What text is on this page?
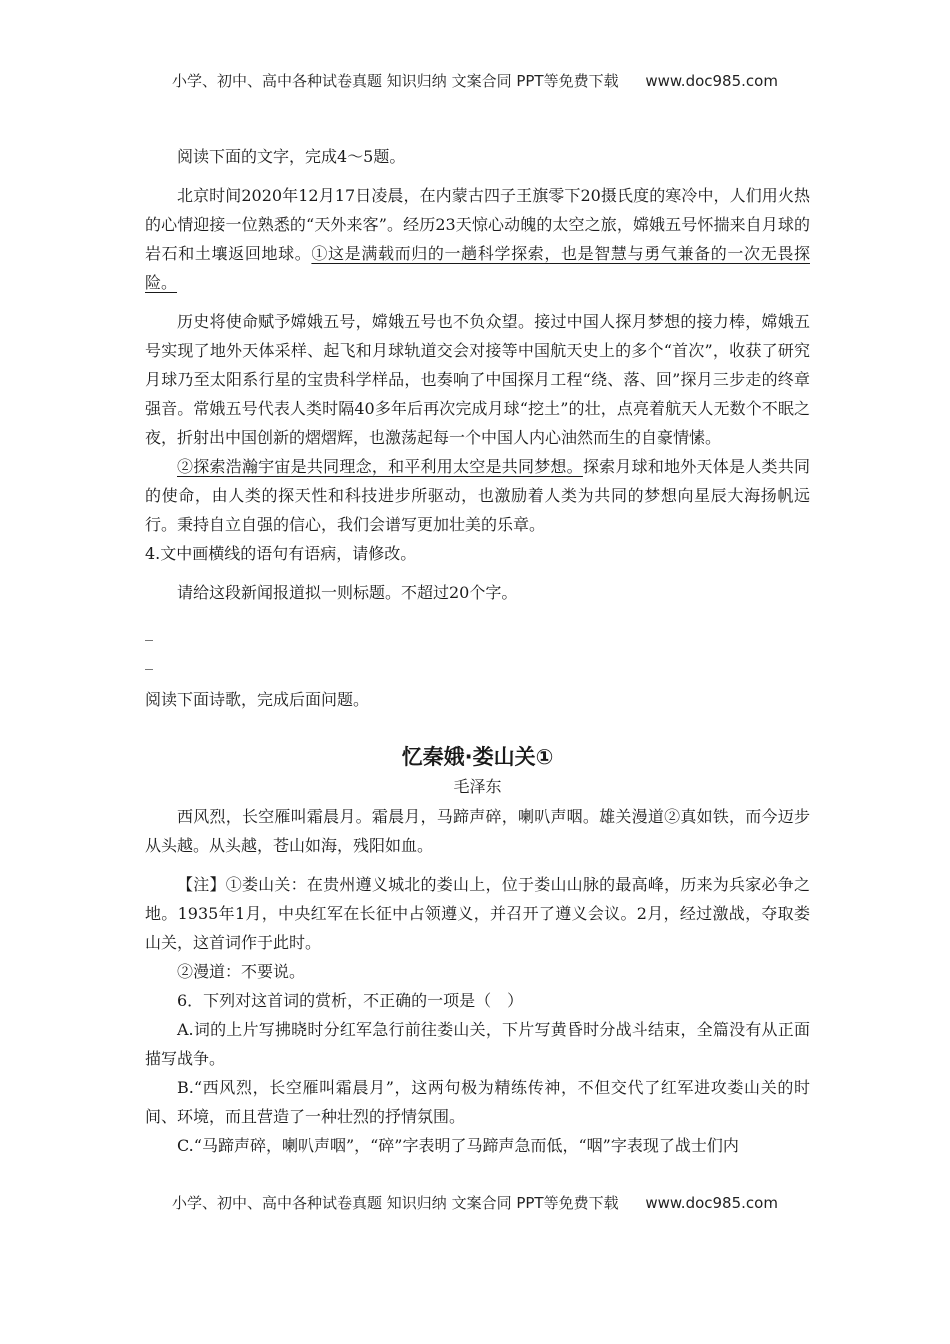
小学、初中、高中各种试卷真题 知识归纳 文案合同 PPT等免费下载 www.doc985.com

阅读下面的文字，完成4～5题。

北京时间2020年12月17日凌晨，在内蒙古四子王旗零下20摄氏度的寒冷中，人们用火热的心情迎接一位熟悉的“天外来客”。经历23天惊心动魄的太空之旅，嫦娥五号怀揣来自月球的岩石和土壤返回地球。①这是满载而归的一趟科学探索，也是智慧与勇气兼备的一次无畏探险。

历史将使命赋予嫦娥五号，嫦娥五号也不负众望。接过中国人探月梦想的接力棒，嫦娥五号实现了地外天体采样、起飞和月球轨道交会对接等中国航天史上的多个“首次”，收获了研究月球乃至太阳系行星的宝贵科学样品，也奏响了中国探月工程“绕、落、回”探月三步走的终章强音。常娥五号代表人类时隔40多年后再次完成月球“挖土”的壮，点亮着航天人无数个不眠之夜，折射出中国创新的熠熠辉，也激荡起每一个中国人内心油然而生的自豪情愫。

②探索浩瀚宇宙是共同理念，和平利用太空是共同梦想。探索月球和地外天体是人类共同的使命，由人类的探天性和科技进步所驱动，也激励着人类为共同的梦想向星辰大海扬帆远行。秉持自立自强的信心，我们会谱写更加壮美的乐章。

4.文中画横线的语句有语病，请修改。

请给这段新闻报道拟一则标题。不超过20个字。

_
_

阅读下面诗歌，完成后面问题。

忆秦娥·娄山关①
毛泽东

西风烈，长空雁叫霜晨月。霜晨月，马蹄声碎，喇叭声咽。雄关漫道②真如铁，而今迈步从头越。从头越，苍山如海，残阳如血。

【注】①娄山关：在贵州遵义城北的娄山上，位于娄山山脉的最高峰，历来为兵家必争之地。1935年1月，中央红军在长征中占领遵义，并召开了遵义会议。2月，经过激战，夺取娄山关，这首词作于此时。

②漫道：不要说。

6．下列对这首词的赏析，不正确的一项是（　）

A.词的上片写拂晓时分红军急行前往娄山关，下片写黄昏时分战斗结束，全篇没有从正面描写战争。

B.“西风烈，长空雁叫霜晨月”，这两句极为精练传神，不但交代了红军进攻娄山关的时间、环境，而且营造了一种壮烈的抒情氛围。

C.“马蹄声碎，喇叭声咽”，“碎”字表明了马蹄声急而低，“咽”字表现了战士们内

小学、初中、高中各种试卷真题 知识归纳 文案合同 PPT等免费下载 www.doc985.com
